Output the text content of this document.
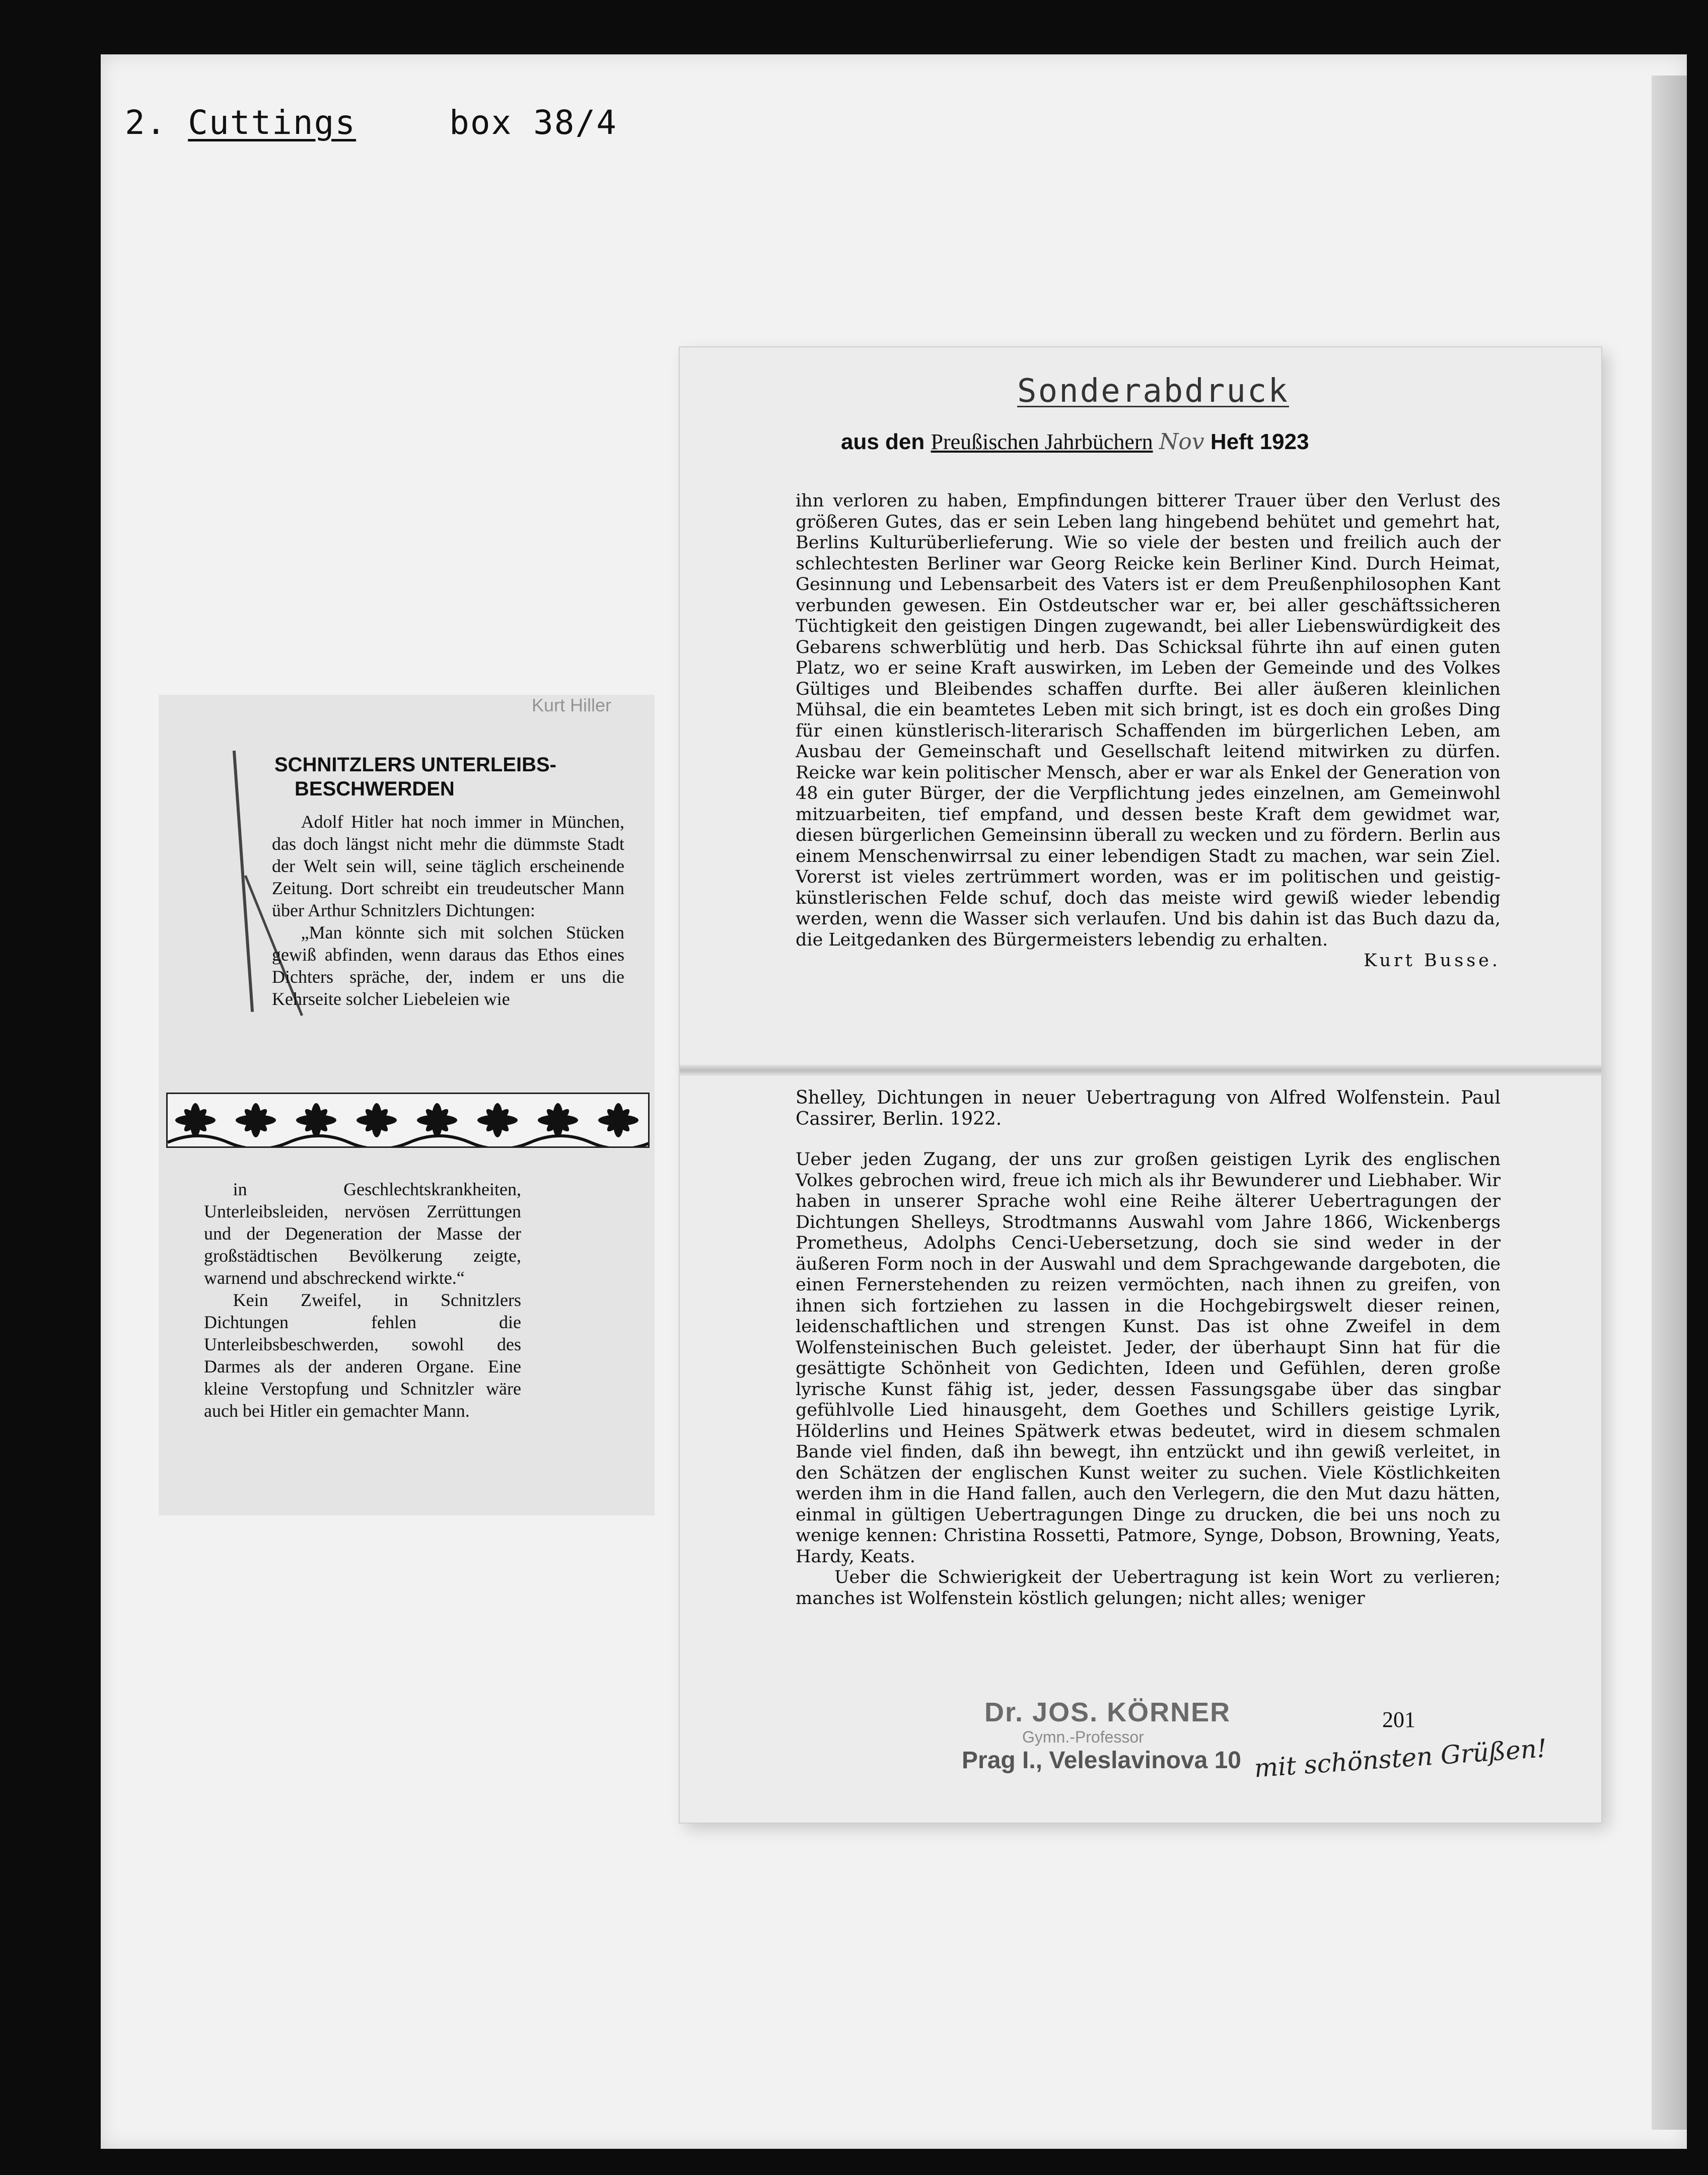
2. Cuttings	box 38/4
Kurt Hiller
SCHNITZLERS UNTERLEIBS-
BESCHWERDEN

Adolf Hitler hat noch immer in München, das doch längst nicht mehr die dümmste Stadt der Welt sein will, seine täglich erscheinende Zeitung. Dort schreibt ein treudeutscher Mann über Arthur Schnitzlers Dichtungen:

„Man könnte sich mit solchen Stücken gewiß abfinden, wenn daraus das Ethos eines Dichters spräche, der, indem er uns die Kehrseite solcher Liebeleien wie

in Geschlechtskrankheiten, Unterleibsleiden, nervösen Zerrüttungen und der Degeneration der Masse der großstädtischen Bevölkerung zeigte, warnend und abschreckend wirkte.“

Kein Zweifel, in Schnitzlers Dichtungen fehlen die Unterleibsbeschwerden, sowohl des Darmes als der anderen Organe. Eine kleine Verstopfung und Schnitzler wäre auch bei Hitler ein gemachter Mann.

Sonderabdruck
aus den Preußischen Jahrbüchern Nov Heft 1923

ihn verloren zu haben, Empfindungen bitterer Trauer über den Verlust des größeren Gutes, das er sein Leben lang hingebend behütet und gemehrt hat, Berlins Kulturüberlieferung. Wie so viele der besten und freilich auch der schlechtesten Berliner war Georg Reicke kein Berliner Kind. Durch Heimat, Gesinnung und Lebensarbeit des Vaters ist er dem Preußenphilosophen Kant verbunden gewesen. Ein Ostdeutscher war er, bei aller geschäftssicheren Tüchtigkeit den geistigen Dingen zugewandt, bei aller Liebenswürdigkeit des Gebarens schwerblütig und herb. Das Schicksal führte ihn auf einen guten Platz, wo er seine Kraft auswirken, im Leben der Gemeinde und des Volkes Gültiges und Bleibendes schaffen durfte. Bei aller äußeren kleinlichen Mühsal, die ein beamtetes Leben mit sich bringt, ist es doch ein großes Ding für einen künstlerisch-literarisch Schaffenden im bürgerlichen Leben, am Ausbau der Gemeinschaft und Gesellschaft leitend mitwirken zu dürfen. Reicke war kein politischer Mensch, aber er war als Enkel der Generation von 48 ein guter Bürger, der die Verpflichtung jedes einzelnen, am Gemeinwohl mitzuarbeiten, tief empfand, und dessen beste Kraft dem gewidmet war, diesen bürgerlichen Gemeinsinn überall zu wecken und zu fördern. Berlin aus einem Menschenwirrsal zu einer lebendigen Stadt zu machen, war sein Ziel. Vorerst ist vieles zertrümmert worden, was er im politischen und geistig-künstlerischen Felde schuf, doch das meiste wird gewiß wieder lebendig werden, wenn die Wasser sich verlaufen. Und bis dahin ist das Buch dazu da, die Leitgedanken des Bürgermeisters lebendig zu erhalten.

Kurt Busse.

Shelley, Dichtungen in neuer Uebertragung von Alfred Wolfenstein. Paul Cassirer, Berlin. 1922.

Ueber jeden Zugang, der uns zur großen geistigen Lyrik des englischen Volkes gebrochen wird, freue ich mich als ihr Bewunderer und Liebhaber. Wir haben in unserer Sprache wohl eine Reihe älterer Uebertragungen der Dichtungen Shelleys, Strodtmanns Auswahl vom Jahre 1866, Wickenbergs Prometheus, Adolphs Cenci-Uebersetzung, doch sie sind weder in der äußeren Form noch in der Auswahl und dem Sprachgewande dargeboten, die einen Fernerstehenden zu reizen vermöchten, nach ihnen zu greifen, von ihnen sich fortziehen zu lassen in die Hochgebirgswelt dieser reinen, leidenschaftlichen und strengen Kunst. Das ist ohne Zweifel in dem Wolfensteinischen Buch geleistet. Jeder, der überhaupt Sinn hat für die gesättigte Schönheit von Gedichten, Ideen und Gefühlen, deren große lyrische Kunst fähig ist, jeder, dessen Fassungsgabe über das singbar gefühlvolle Lied hinausgeht, dem Goethes und Schillers geistige Lyrik, Hölderlins und Heines Spätwerk etwas bedeutet, wird in diesem schmalen Bande viel finden, daß ihn bewegt, ihn entzückt und ihn gewiß verleitet, in den Schätzen der englischen Kunst weiter zu suchen. Viele Köstlichkeiten werden ihm in die Hand fallen, auch den Verlegern, die den Mut dazu hätten, einmal in gültigen Uebertragungen Dinge zu drucken, die bei uns noch zu wenige kennen: Christina Rossetti, Patmore, Synge, Dobson, Browning, Yeats, Hardy, Keats.

Ueber die Schwierigkeit der Uebertragung ist kein Wort zu verlieren; manches ist Wolfenstein köstlich gelungen; nicht alles; weniger

Dr. JOS. KÖRNER
Gymn.-Professor
Prag I., Veleslavinova 10
201
mit schönsten Grüßen!
